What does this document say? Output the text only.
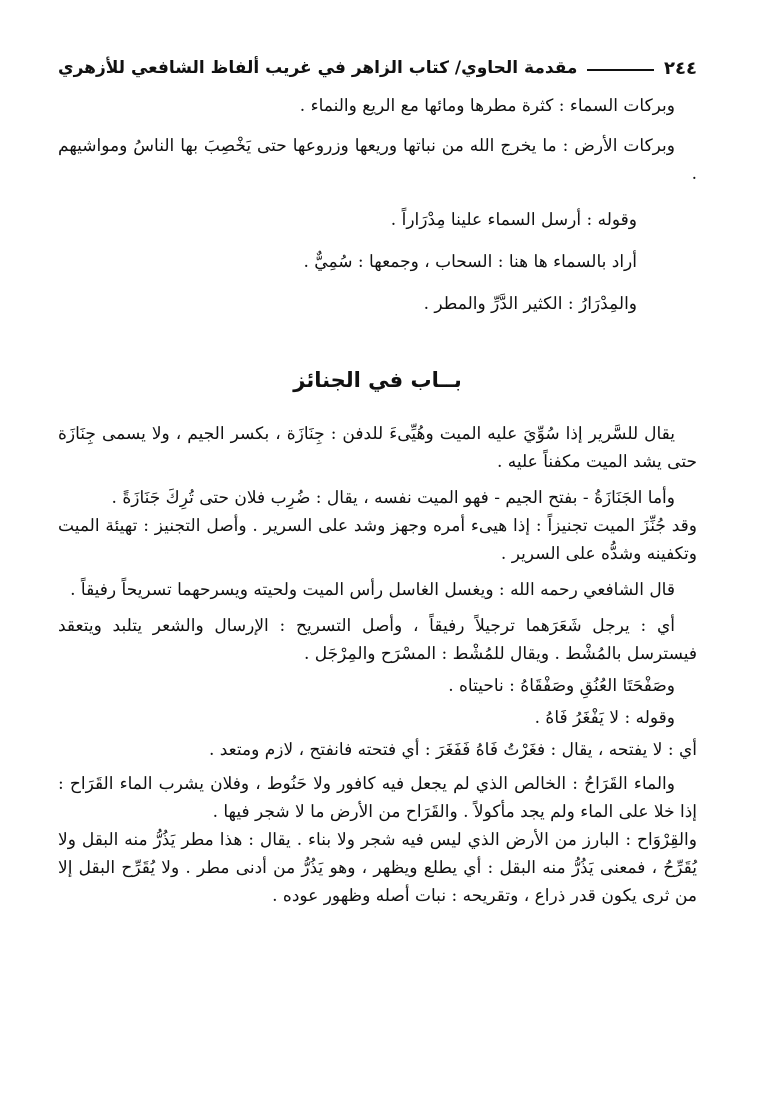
٢٤٤
مقدمة الحاوي/ كتاب الزاهر في غريب ألفاظ الشافعي للأزهري

وبركات السماء : كثرة مطرها ومائها مع الريع والنماء .

وبركات الأرض : ما يخرج الله من نباتها وريعها وزروعها حتى يَخْصِبَ بها الناسُ ومواشيهم .

وقوله : أرسل السماء علينا مِدْرَاراً .

أراد بالسماء ها هنا : السحاب ، وجمعها : سُمِيٌّ .

والمِدْرَارُ : الكثير الدَّرِّ والمطر .

بــاب في الجنائز

يقال للسَّرير إذا سُوِّيَ عليه الميت وهُيِّىءَ للدفن : جِنَازَة ، بكسر الجيم ، ولا يسمى جِنَازَة حتى يشد الميت مكفناً عليه .

وأما الجَنَازَةُ - بفتح الجيم - فهو الميت نفسه ، يقال : ضُرِب فلان حتى تُرِكَ جَنَازَةً .

وقد جُنِّزَ الميت تجنيزاً : إذا هيىء أمره وجهز وشد على السرير . وأصل التجنيز : تهيئة الميت وتكفينه وشدُّه على السرير .

قال الشافعي رحمه الله : ويغسل الغاسل رأس الميت ولحيته ويسرحهما تسريحاً رفيقاً .

أي : يرجل شَعَرَهما ترجيلاً رفيقاً ، وأصل التسريح : الإرسال والشعر يتلبد ويتعقد فيسترسل بالمُشْط . ويقال للمُشْط : المسْرَح والمِرْجَل .

وصَفْحَتَا العُنُقِ وصَفْقَاهُ : ناحيتاه .

وقوله : لا يَفْغَرُ فَاهُ .

أي : لا يفتحه ، يقال : فغَرْتُ فَاهُ فَفَغَرَ : أي فتحته فانفتح ، لازم ومتعد .

والماء القَرَاحُ : الخالص الذي لم يجعل فيه كافور ولا حَنُوط ، وفلان يشرب الماء القَرَاح : إذا خلا على الماء ولم يجد مأكولاً . والقَرَاح من الأرض ما لا شجر فيها .

والقِرْوَاح : البارز من الأرض الذي ليس فيه شجر ولا بناء . يقال : هذا مطر يَذُرُّ منه البقل ولا يُقَرِّحُ ، فمعنى يَذُرُّ منه البقل : أي يطلع ويظهر ، وهو يَذُرُّ من أدنى مطر . ولا يُقَرِّح البقل إلا من ثرى يكون قدر ذراع ، وتقريحه : نبات أصله وظهور عوده .
